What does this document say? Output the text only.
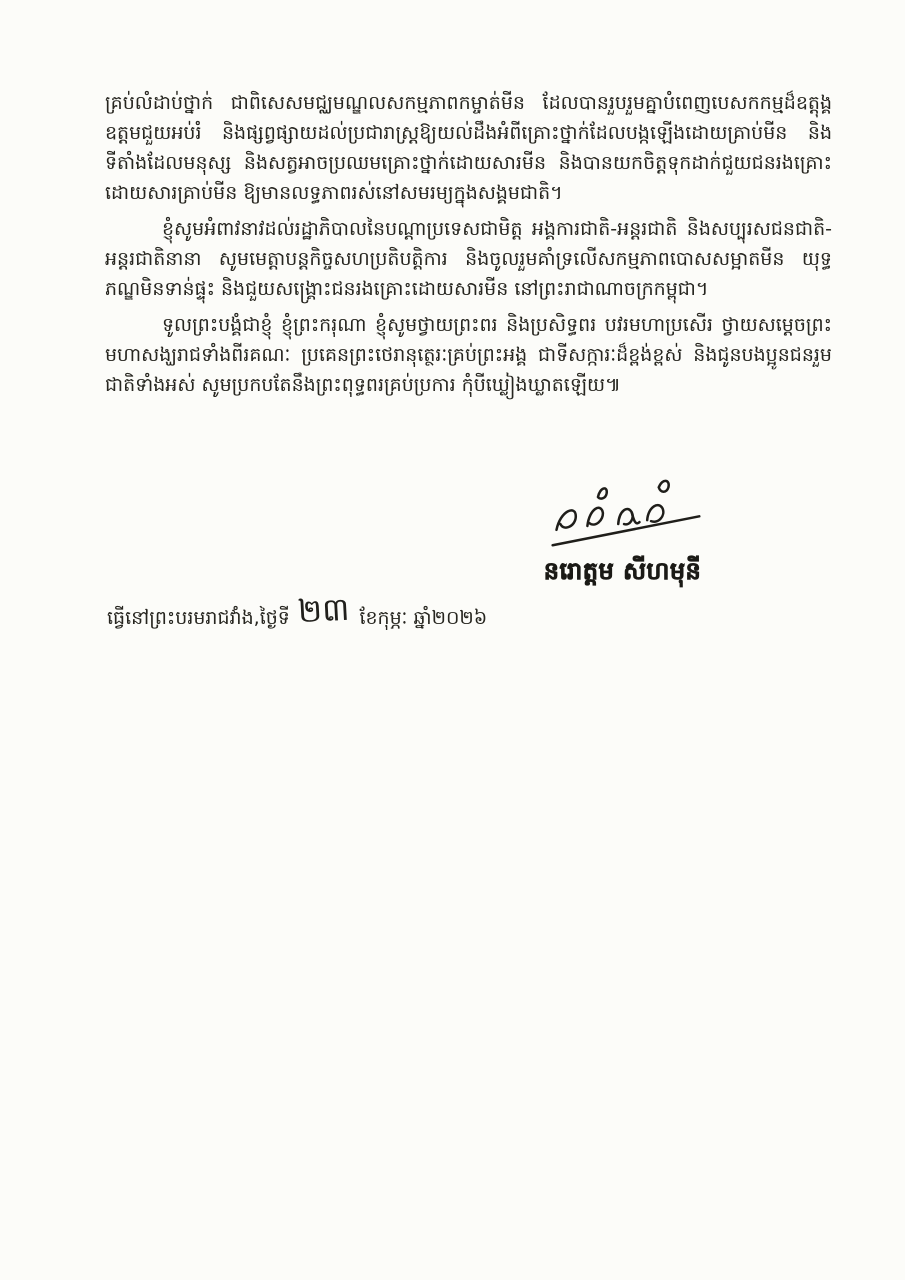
គ្រប់លំដាប់ថ្នាក់ ជាពិសេសមជ្ឈមណ្ឌលសកម្មភាពកម្ចាត់មីន ដែលបានរួបរួមគ្នាបំពេញបេសកកម្មដ៏ឧត្តុង្គឧត្តមជួយអប់រំ និងផ្សព្វផ្សាយដល់ប្រជារាស្ត្រឱ្យយល់ដឹងអំពីគ្រោះថ្នាក់ដែលបង្កឡើងដោយគ្រាប់មីន និងទីតាំងដែលមនុស្ស និងសត្វអាចប្រឈមគ្រោះថ្នាក់ដោយសារមីន និងបានយកចិត្តទុកដាក់ជួយជនរងគ្រោះដោយសារគ្រាប់មីន ឱ្យមានលទ្ធភាពរស់នៅសមរម្យក្នុងសង្គមជាតិ។

ខ្ញុំសូមអំពាវនាវដល់រដ្ឋាភិបាលនៃបណ្ដាប្រទេសជាមិត្ត អង្គការជាតិ-អន្តរជាតិ និងសប្បុរសជនជាតិ-អន្តរជាតិនានា សូមមេត្តាបន្តកិច្ចសហប្រតិបត្តិការ និងចូលរួមគាំទ្រលើសកម្មភាពបោសសម្អាតមីន យុទ្ធភណ្ឌមិនទាន់ផ្ទុះ និងជួយសង្គ្រោះជនរងគ្រោះដោយសារមីន នៅព្រះរាជាណាចក្រកម្ពុជា។

ទូលព្រះបង្គំជាខ្ញុំ ខ្ញុំព្រះករុណា ខ្ញុំសូមថ្វាយព្រះពរ និងប្រសិទ្ធពរ បវរមហាប្រសើរ ថ្វាយសម្ដេចព្រះមហាសង្ឃរាជទាំងពីរគណៈ ប្រគេនព្រះថេរានុត្ថេរៈគ្រប់ព្រះអង្គ ជាទីសក្ការៈដ៏ខ្ពង់ខ្ពស់ និងជូនបងប្អូនជនរួមជាតិទាំងអស់ សូមប្រកបតែនឹងព្រះពុទ្ធពរគ្រប់ប្រការ កុំបីឃ្លៀងឃ្លាតឡើយ៕

នរោត្តម សីហមុនី
ធ្វើនៅព្រះបរមរាជវាំង,ថ្ងៃទី ២៣ ខែកុម្ភៈ ឆ្នាំ២០២៦
